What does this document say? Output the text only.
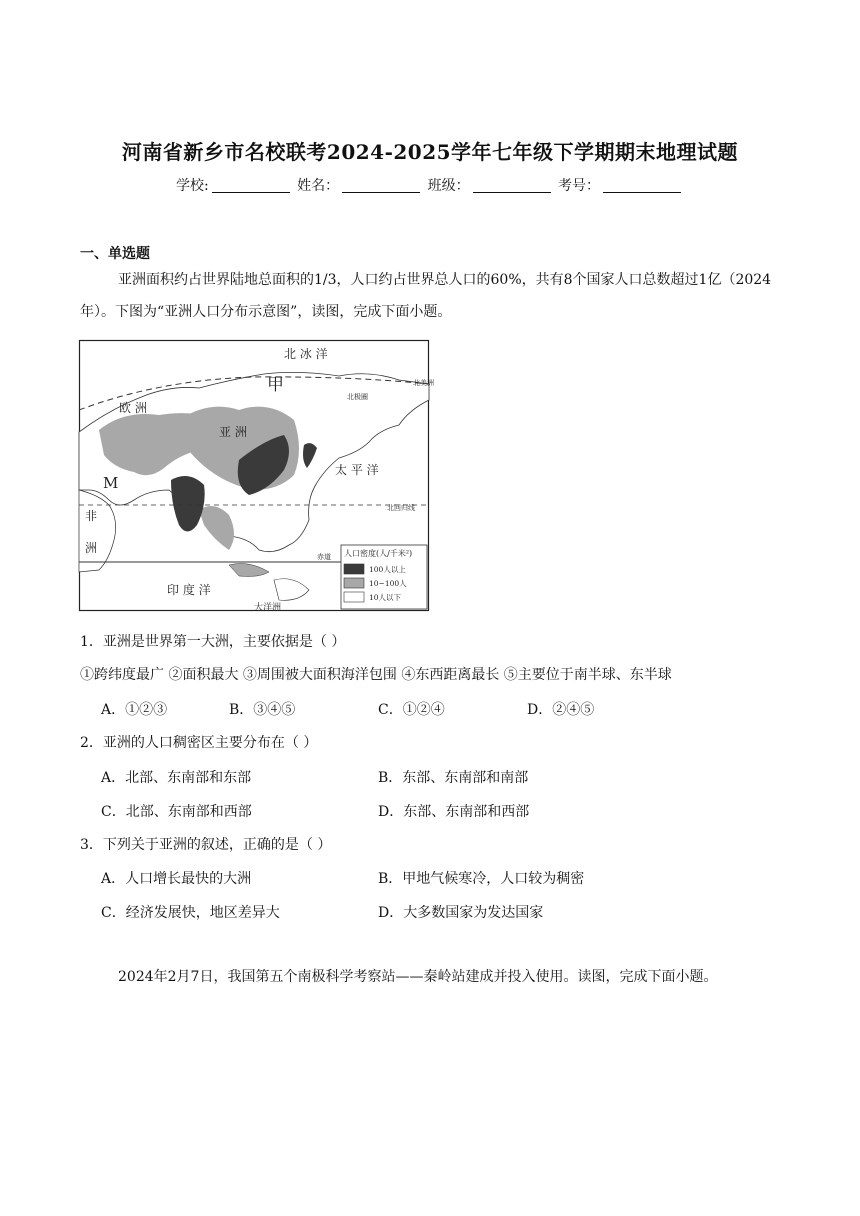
河南省新乡市名校联考2024-2025学年七年级下学期期末地理试题
学校:	姓名：	班级：	考号：
一、单选题
亚洲面积约占世界陆地总面积的1/3，人口约占世界总人口的60%，共有8个国家人口总数超过1亿（2024年）。下图为“亚洲人口分布示意图”，读图，完成下面小题。
北 冰 洋
甲
北极圈
欧 洲
亚 洲
太 平 洋
M
非
洲
北回归线
赤道
印 度 洋
大洋洲
北美洲
人口密度(人/千米²)
100人以上
10~100人
10人以下
1．亚洲是世界第一大洲，主要依据是（ ）
①跨纬度最广 ②面积最大 ③周围被大面积海洋包围 ④东西距离最长 ⑤主要位于南半球、东半球
A．①②③	B．③④⑤	C．①②④	D．②④⑤
2．亚洲的人口稠密区主要分布在（ ）
A．北部、东南部和东部	B．东部、东南部和南部
C．北部、东南部和西部	D．东部、东南部和西部
3．下列关于亚洲的叙述，正确的是（ ）
A．人口增长最快的大洲	B．甲地气候寒冷，人口较为稠密
C．经济发展快，地区差异大	D．大多数国家为发达国家
2024年2月7日，我国第五个南极科学考察站——秦岭站建成并投入使用。读图，完成下面小题。
